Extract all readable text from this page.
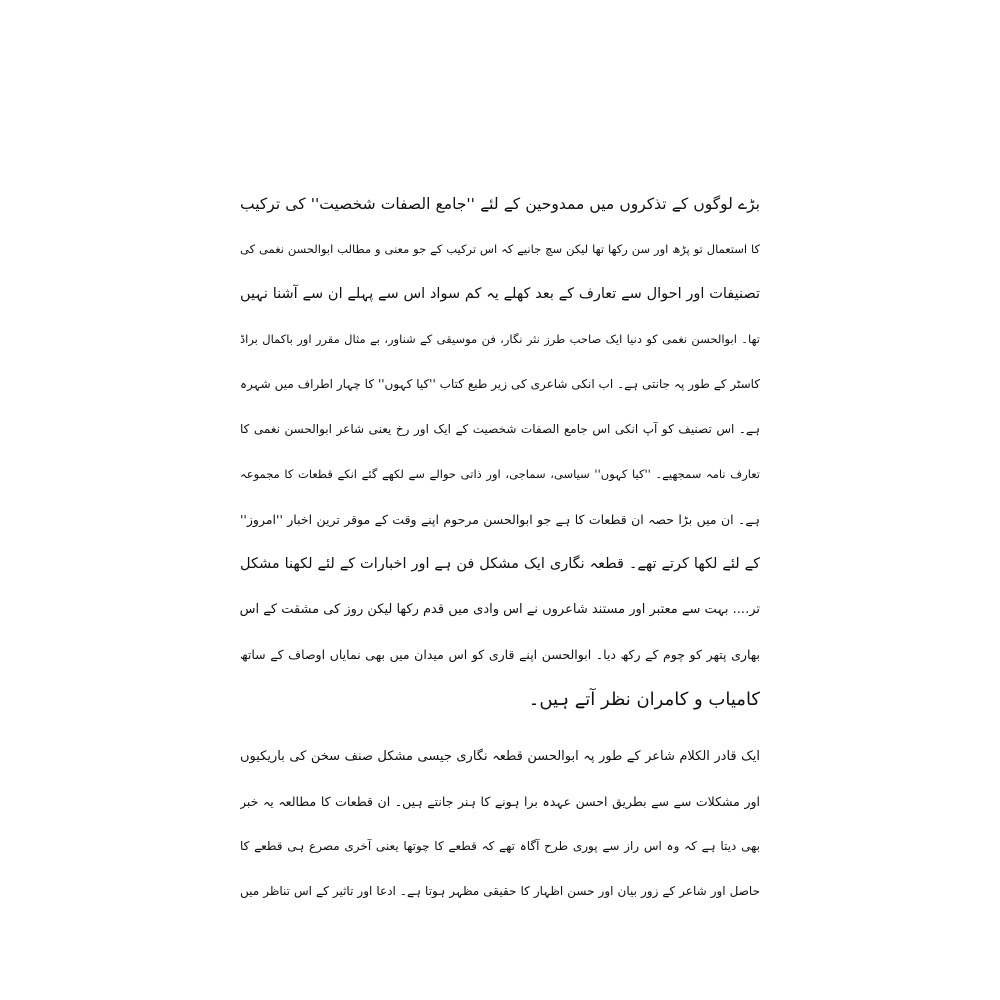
بڑے لوگوں کے تذکروں میں ممدوحین کے لئے ''جامع الصفات شخصیت'' کی ترکیب
کا استعمال تو پڑھ اور سن رکھا تھا لیکن سچ جانیے کہ اس ترکیب کے جو معنی و مطالب ابوالحسن نغمی کی
تصنیفات اور احوال سے تعارف کے بعد کھلے یہ کم سواد اس سے پہلے ان سے آشنا نہیں
تھا۔ ابوالحسن نغمی کو دنیا ایک صاحب طرز نثر نگار، فن موسیقی کے شناور، بے مثال مقرر اور باکمال براڈ
کاسٹر کے طور پہ جانتی ہے۔ اب انکی شاعری کی زیر طبع کتاب ''کیا کہوں'' کا چہار اطراف میں شہرہ
ہے۔ اس تصنیف کو آپ انکی اس جامع الصفات شخصیت کے ایک اور رخ یعنی شاعر ابوالحسن نغمی کا
تعارف نامہ سمجھیے۔ ''کیا کہوں'' سیاسی، سماجی، اور ذاتی حوالے سے لکھے گئے انکے قطعات کا مجموعہ
ہے۔ ان میں بڑا حصہ ان قطعات کا ہے جو ابوالحسن مرحوم اپنے وقت کے موقر ترین اخبار ''امروز''
کے لئے لکھا کرتے تھے۔ قطعہ نگاری ایک مشکل فن ہے اور اخبارات کے لئے لکھنا مشکل
تر.... بہت سے معتبر اور مستند شاعروں نے اس وادی میں قدم رکھا لیکن روز کی مشقت کے اس
بھاری پتھر کو چوم کے رکھ دیا۔ ابوالحسن اپنے قاری کو اس میدان میں بھی نمایاں اوصاف کے ساتھ
کامیاب و کامران نظر آتے ہیں۔
ایک قادر الکلام شاعر کے طور پہ ابوالحسن قطعہ نگاری جیسی مشکل صنف سخن کی باریکیوں
اور مشکلات سے سے بطریق احسن عہدہ برا ہونے کا ہنر جانتے ہیں۔ ان قطعات کا مطالعہ یہ خبر
بھی دیتا ہے کہ وہ اس راز سے پوری طرح آگاہ تھے کہ قطعے کا چوتھا یعنی آخری مصرع ہی قطعے کا
حاصل اور شاعر کے زور بیان اور حسن اظہار کا حقیقی مظہر ہوتا ہے۔ ادعا اور تاثیر کے اس تناظر میں
